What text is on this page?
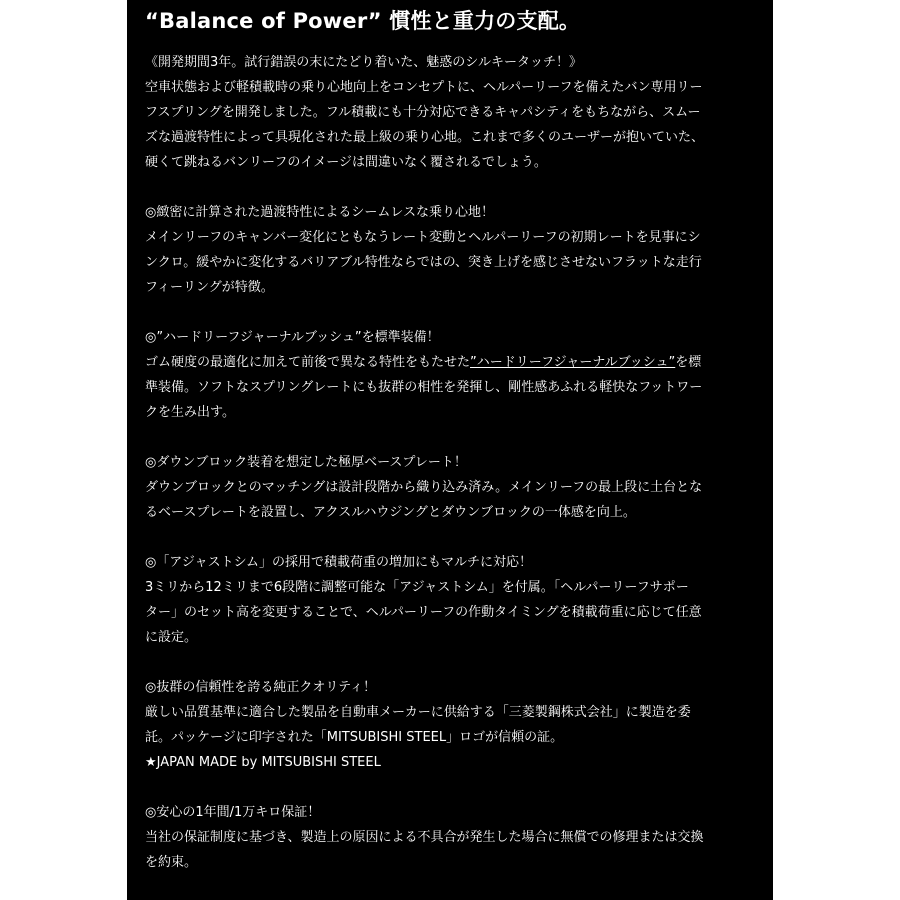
“Balance of Power” 慣性と重力の支配。
《開発期間3年。試行錯誤の末にたどり着いた、魅惑のシルキータッチ！》
空車状態および軽積載時の乗り心地向上をコンセプトに、ヘルパーリーフを備えたバン専用リー
フスプリングを開発しました。フル積載にも十分対応できるキャパシティをもちながら、スムー
ズな過渡特性によって具現化された最上級の乗り心地。これまで多くのユーザーが抱いていた、
硬くて跳ねるバンリーフのイメージは間違いなく覆されるでしょう。
◎緻密に計算された過渡特性によるシームレスな乗り心地！
メインリーフのキャンバー変化にともなうレート変動とヘルパーリーフの初期レートを見事にシ
ンクロ。緩やかに変化するバリアブル特性ならではの、突き上げを感じさせないフラットな走行
フィーリングが特徴。
◎”ハードリーフジャーナルブッシュ”を標準装備！
ゴム硬度の最適化に加えて前後で異なる特性をもたせた”ハードリーフジャーナルブッシュ”を標
準装備。ソフトなスプリングレートにも抜群の相性を発揮し、剛性感あふれる軽快なフットワー
クを生み出す。
◎ダウンブロック装着を想定した極厚ベースプレート！
ダウンブロックとのマッチングは設計段階から織り込み済み。メインリーフの最上段に土台とな
るベースプレートを設置し、アクスルハウジングとダウンブロックの一体感を向上。
◎「アジャストシム」の採用で積載荷重の増加にもマルチに対応！
3ミリから12ミリまで6段階に調整可能な「アジャストシム」を付属。「ヘルパーリーフサポー
ター」のセット高を変更することで、ヘルパーリーフの作動タイミングを積載荷重に応じて任意
に設定。
◎抜群の信頼性を誇る純正クオリティ！
厳しい品質基準に適合した製品を自動車メーカーに供給する「三菱製鋼株式会社」に製造を委
託。パッケージに印字された「MITSUBISHI STEEL」ロゴが信頼の証。
★JAPAN MADE by MITSUBISHI STEEL
◎安心の1年間/1万キロ保証！
当社の保証制度に基づき、製造上の原因による不具合が発生した場合に無償での修理または交換
を約束。
